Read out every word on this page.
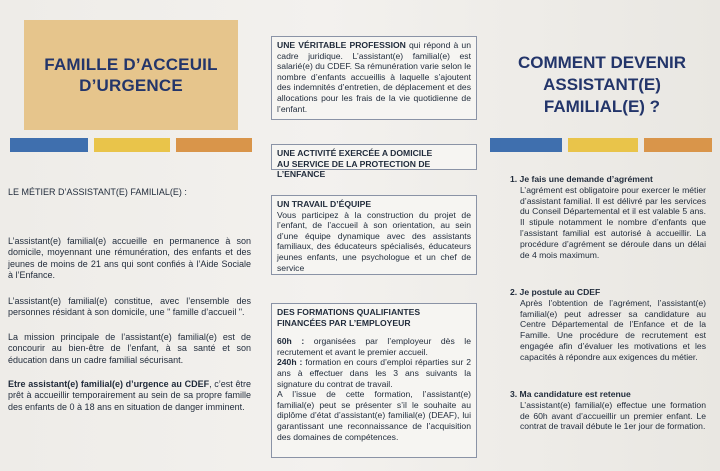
FAMILLE D’ACCEUIL
D’URGENCE
LE MÉTIER D’ASSISTANT(E) FAMILIAL(E) :
L’assistant(e) familial(e) accueille en permanence à son domicile, moyennant une rémunération, des enfants et des jeunes de moins de 21 ans qui sont confiés à l’Aide Sociale à l’Enfance.
L’assistant(e) familial(e) constitue, avec l’ensemble des personnes résidant à son domicile, une " famille d’accueil ".
La mission principale de l’assistant(e) familial(e) est de concourir au bien-être de l’enfant, à sa santé et son éducation dans un cadre familial sécurisant.
Etre assistant(e) familial(e) d’urgence au CDEF, c’est être prêt à accueillir temporairement au sein de sa propre famille des enfants de 0 à 18 ans en situation de danger imminent.
UNE VÉRITABLE PROFESSION qui répond à un cadre juridique. L’assistant(e) familial(e) est salarié(e) du CDEF. Sa rémunération varie selon le nombre d’enfants accueillis à laquelle s’ajoutent des indemnités d’entretien, de déplacement et des allocations pour les frais de la vie quotidienne de l’enfant.
UNE ACTIVITÉ EXERCÉE A DOMICILE
AU SERVICE DE LA PROTECTION DE L’ENFANCE
UN TRAVAIL D’ÉQUIPE
Vous participez à la construction du projet de l’enfant, de l’accueil à son orientation, au sein d’une équipe dynamique avec des assistants familiaux, des éducateurs spécialisés, éducateurs jeunes enfants, une psychologue et un chef de service
DES FORMATIONS QUALIFIANTES FINANCÉES PAR L’EMPLOYEUR
60h : organisées par l’employeur dès le recrutement et avant le premier accueil.
240h : formation en cours d’emploi réparties sur 2 ans à effectuer dans les 3 ans suivants la signature du contrat de travail.
A l’issue de cette formation, l’assistant(e) familial(e) peut se présenter s’il le souhaite au diplôme d’état d’assistant(e) familial(e) (DEAF), lui garantissant une reconnaissance de l’acquisition des domaines de compétences.
COMMENT DEVENIR
ASSISTANT(E)
FAMILIAL(E) ?
1. Je fais une demande d’agrément
L’agrément est obligatoire pour exercer le métier d’assistant familial. Il est délivré par les services du Conseil Départemental et il est valable 5 ans. Il stipule notamment le nombre d’enfants que l’assistant familial est autorisé à accueillir. La procédure d’agrément se déroule dans un délai de 4 mois maximum.
2. Je postule au CDEF
Après l’obtention de l’agrément, l’assistant(e) familial(e) peut adresser sa candidature au Centre Départemental de l’Enfance et de la Famille. Une procédure de recrutement est engagée afin d’évaluer les motivations et les capacités à répondre aux exigences du métier.
3. Ma candidature est retenue
L’assistant(e) familial(e) effectue une formation de 60h avant d’accueillir un premier enfant. Le contrat de travail débute le 1er jour de formation.
